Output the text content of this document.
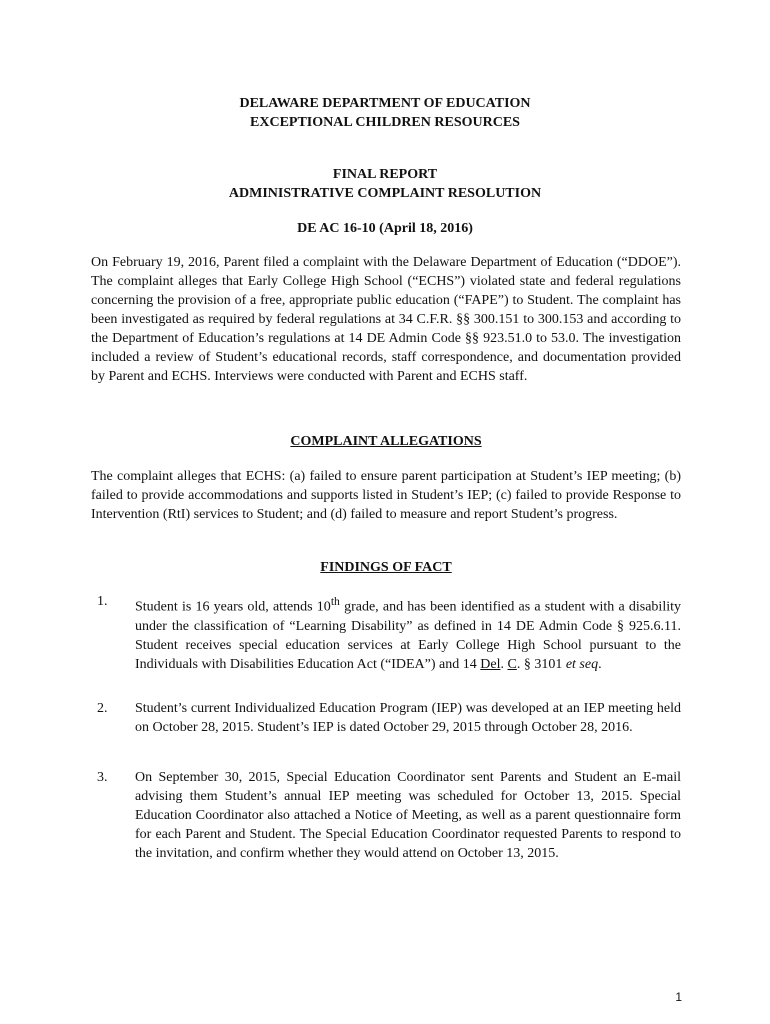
DELAWARE DEPARTMENT OF EDUCATION
EXCEPTIONAL CHILDREN RESOURCES

FINAL REPORT
ADMINISTRATIVE COMPLAINT RESOLUTION

DE AC 16-10 (April 18, 2016)

On February 19, 2016, Parent filed a complaint with the Delaware Department of Education (“DDOE”). The complaint alleges that Early College High School (“ECHS”) violated state and federal regulations concerning the provision of a free, appropriate public education (“FAPE”) to Student. The complaint has been investigated as required by federal regulations at 34 C.F.R. §§ 300.151 to 300.153 and according to the Department of Education’s regulations at 14 DE Admin Code §§ 923.51.0 to 53.0. The investigation included a review of Student’s educational records, staff correspondence, and documentation provided by Parent and ECHS. Interviews were conducted with Parent and ECHS staff.

COMPLAINT ALLEGATIONS

The complaint alleges that ECHS: (a) failed to ensure parent participation at Student’s IEP meeting; (b) failed to provide accommodations and supports listed in Student’s IEP; (c) failed to provide Response to Intervention (RtI) services to Student; and (d) failed to measure and report Student’s progress.

FINDINGS OF FACT

1. Student is 16 years old, attends 10th grade, and has been identified as a student with a disability under the classification of “Learning Disability” as defined in 14 DE Admin Code § 925.6.11. Student receives special education services at Early College High School pursuant to the Individuals with Disabilities Education Act (“IDEA”) and 14 Del. C. § 3101 et seq.
2. Student’s current Individualized Education Program (IEP) was developed at an IEP meeting held on October 28, 2015. Student’s IEP is dated October 29, 2015 through October 28, 2016.
3. On September 30, 2015, Special Education Coordinator sent Parents and Student an E-mail advising them Student’s annual IEP meeting was scheduled for October 13, 2015. Special Education Coordinator also attached a Notice of Meeting, as well as a parent questionnaire form for each Parent and Student. The Special Education Coordinator requested Parents to respond to the invitation, and confirm whether they would attend on October 13, 2015.
1
